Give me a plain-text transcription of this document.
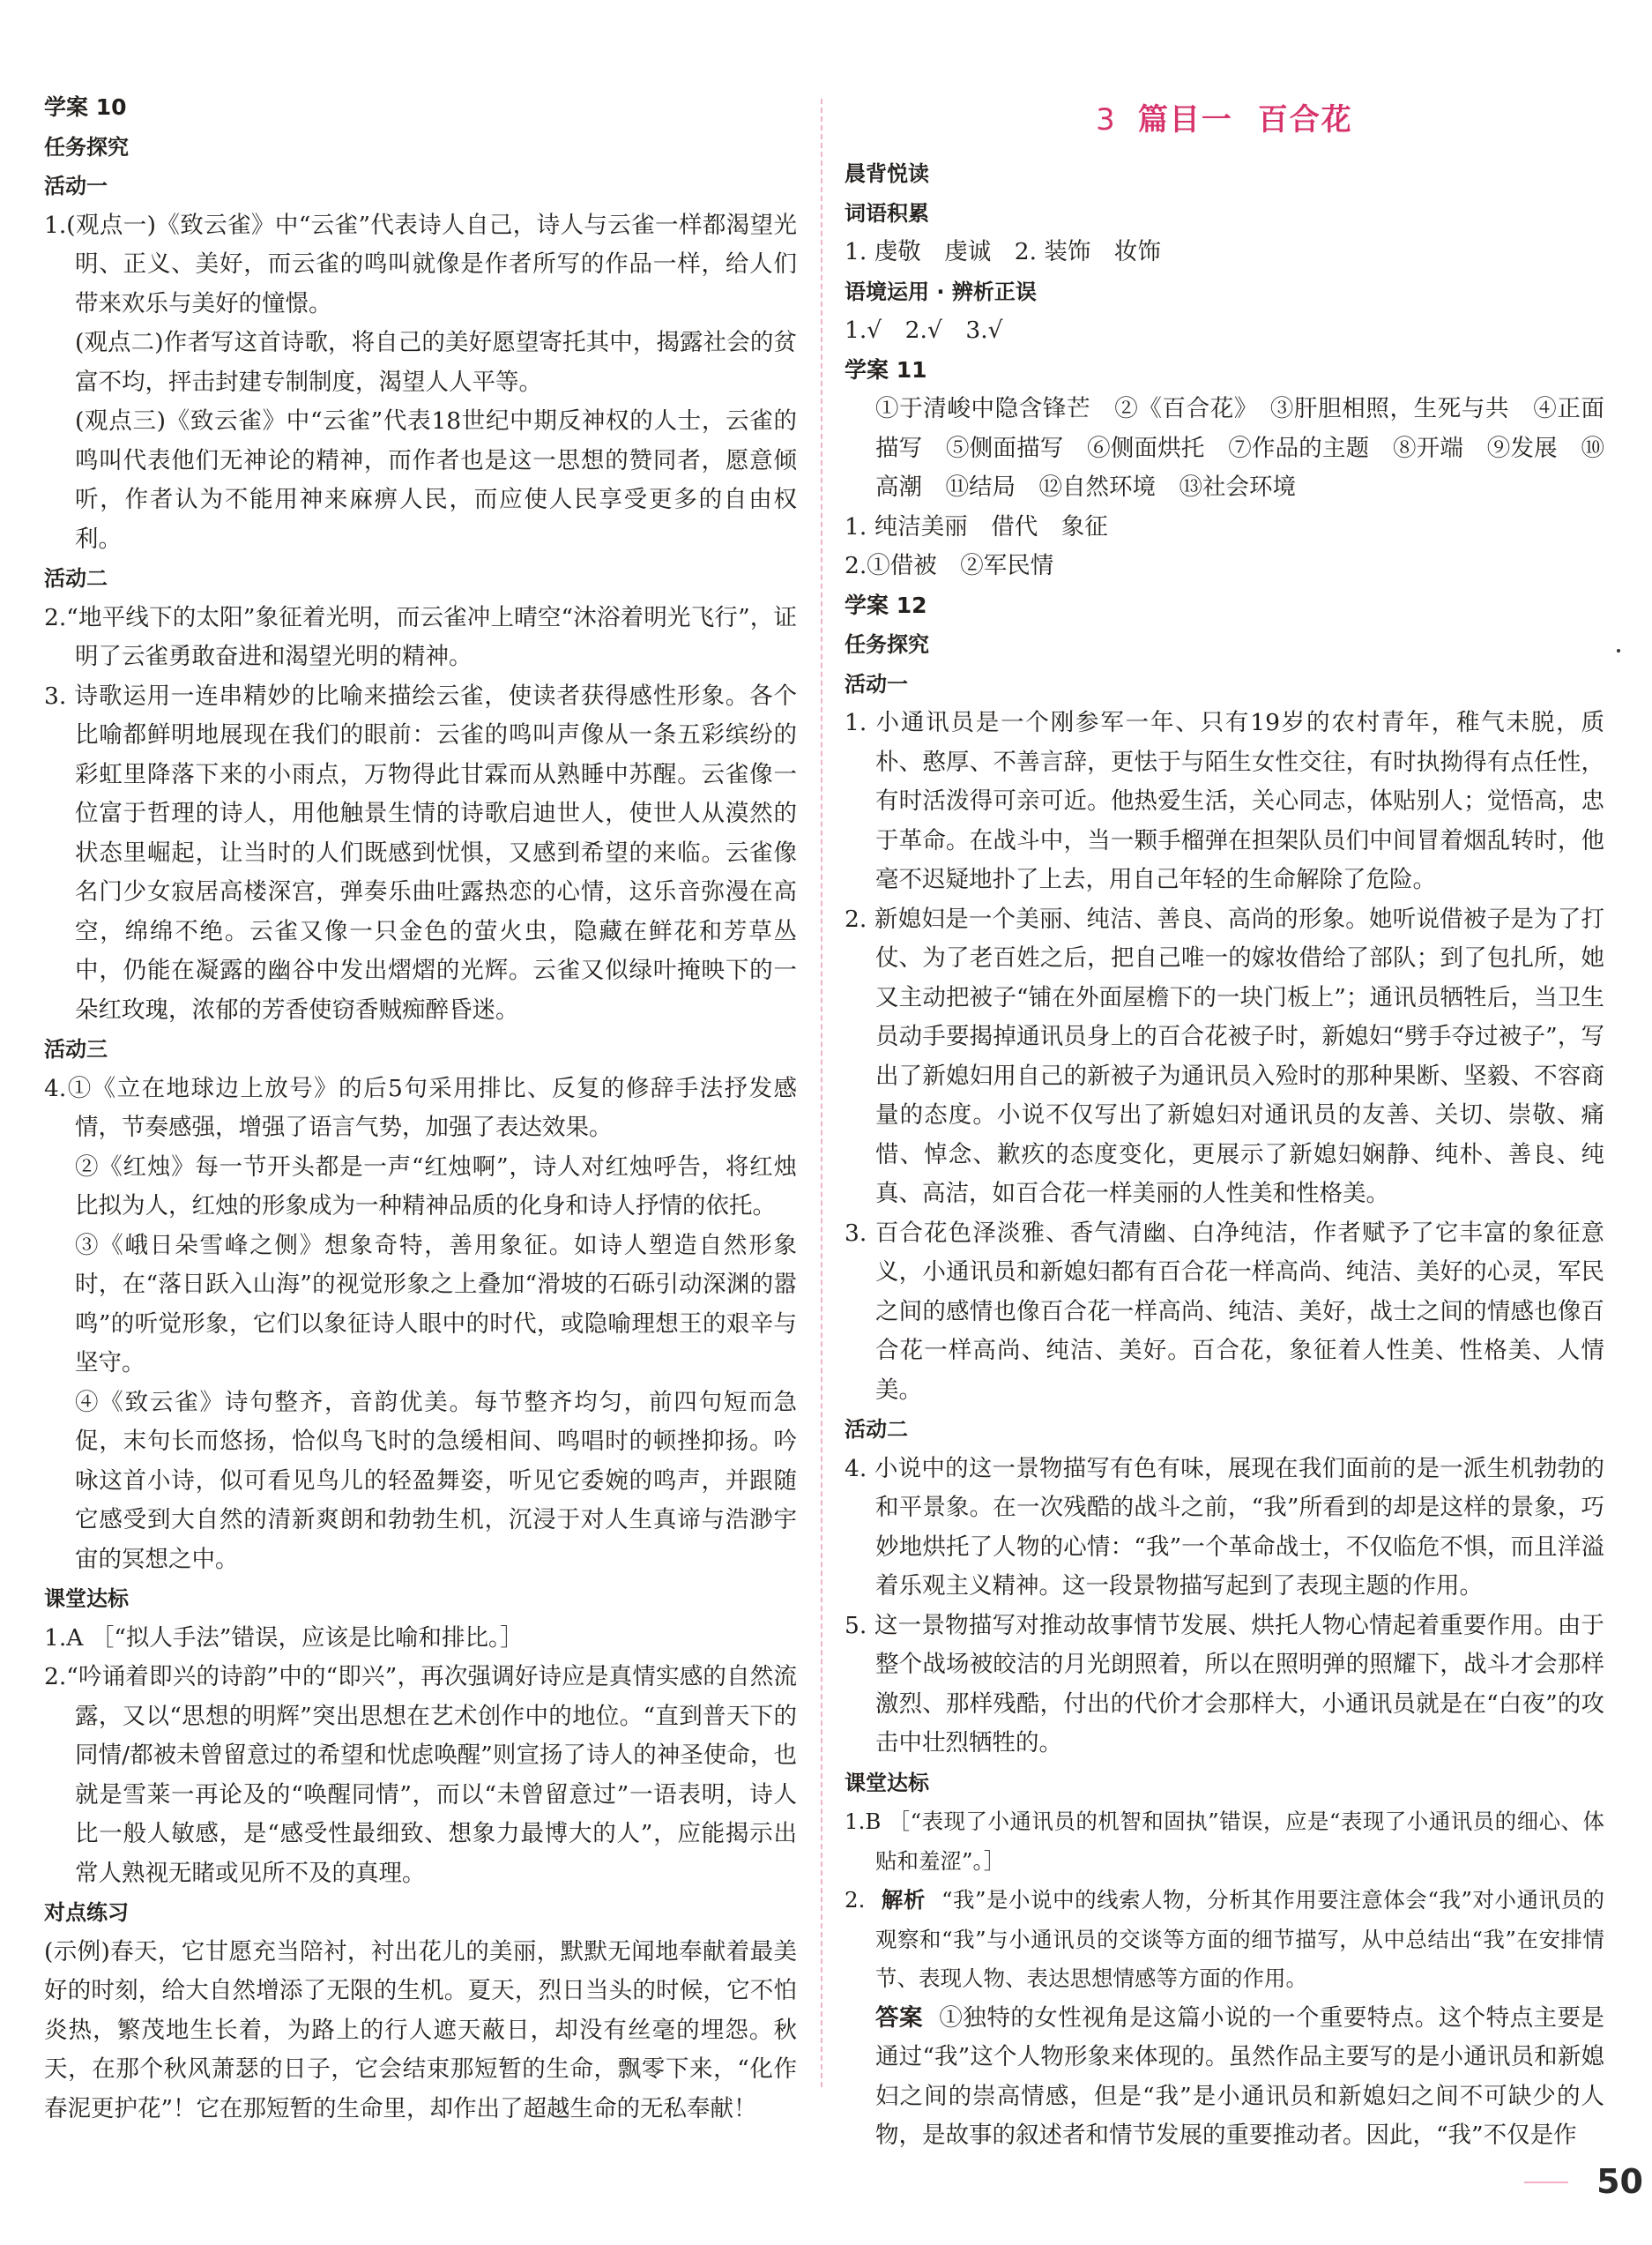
学案 10

任务探究

活动一

1.(观点一)《致云雀》中“云雀”代表诗人自己，诗人与云雀一样都渴望光明、正义、美好，而云雀的鸣叫就像是作者所写的作品一样，给人们带来欢乐与美好的憧憬。

(观点二)作者写这首诗歌，将自己的美好愿望寄托其中，揭露社会的贫富不均，抨击封建专制制度，渴望人人平等。

(观点三)《致云雀》中“云雀”代表18世纪中期反神权的人士，云雀的鸣叫代表他们无神论的精神，而作者也是这一思想的赞同者，愿意倾听，作者认为不能用神来麻痹人民，而应使人民享受更多的自由权利。

活动二

2.“地平线下的太阳”象征着光明，而云雀冲上晴空“沐浴着明光飞行”，证明了云雀勇敢奋进和渴望光明的精神。

3. 诗歌运用一连串精妙的比喻来描绘云雀，使读者获得感性形象。各个比喻都鲜明地展现在我们的眼前：云雀的鸣叫声像从一条五彩缤纷的彩虹里降落下来的小雨点，万物得此甘霖而从熟睡中苏醒。云雀像一位富于哲理的诗人，用他触景生情的诗歌启迪世人，使世人从漠然的状态里崛起，让当时的人们既感到忧惧，又感到希望的来临。云雀像名门少女寂居高楼深宫，弹奏乐曲吐露热恋的心情，这乐音弥漫在高空，绵绵不绝。云雀又像一只金色的萤火虫，隐藏在鲜花和芳草丛中，仍能在凝露的幽谷中发出熠熠的光辉。云雀又似绿叶掩映下的一朵红玫瑰，浓郁的芳香使窃香贼痴醉昏迷。

活动三

4.①《立在地球边上放号》的后5句采用排比、反复的修辞手法抒发感情，节奏感强，增强了语言气势，加强了表达效果。

②《红烛》每一节开头都是一声“红烛啊”，诗人对红烛呼告，将红烛比拟为人，红烛的形象成为一种精神品质的化身和诗人抒情的依托。

③《峨日朵雪峰之侧》想象奇特，善用象征。如诗人塑造自然形象时，在“落日跃入山海”的视觉形象之上叠加“滑坡的石砾引动深渊的嚣鸣”的听觉形象，它们以象征诗人眼中的时代，或隐喻理想王的艰辛与坚守。

④《致云雀》诗句整齐，音韵优美。每节整齐均匀，前四句短而急促，末句长而悠扬，恰似鸟飞时的急缓相间、鸣唱时的顿挫抑扬。吟咏这首小诗，似可看见鸟儿的轻盈舞姿，听见它委婉的鸣声，并跟随它感受到大自然的清新爽朗和勃勃生机，沉浸于对人生真谛与浩渺宇宙的冥想之中。

课堂达标

1.A ［“拟人手法”错误，应该是比喻和排比。］

2.“吟诵着即兴的诗韵”中的“即兴”，再次强调好诗应是真情实感的自然流露，又以“思想的明辉”突出思想在艺术创作中的地位。“直到普天下的同情/都被未曾留意过的希望和忧虑唤醒”则宣扬了诗人的神圣使命，也就是雪莱一再论及的“唤醒同情”，而以“未曾留意过”一语表明，诗人比一般人敏感，是“感受性最细致、想象力最博大的人”，应能揭示出常人熟视无睹或见所不及的真理。

对点练习

(示例)春天，它甘愿充当陪衬，衬出花儿的美丽，默默无闻地奉献着最美好的时刻，给大自然增添了无限的生机。夏天，烈日当头的时候，它不怕炎热，繁茂地生长着，为路上的行人遮天蔽日，却没有丝毫的埋怨。秋天，在那个秋风萧瑟的日子，它会结束那短暂的生命，飘零下来，“化作春泥更护花”！它在那短暂的生命里，却作出了超越生命的无私奉献！

3 篇目一 百合花

晨背悦读

词语积累

1. 虔敬　虔诚　2. 装饰　妆饰

语境运用 · 辨析正误

1.√　2.√　3.√

学案 11

①于清峻中隐含锋芒　②《百合花》　③肝胆相照，生死与共　④正面描写　⑤侧面描写　⑥侧面烘托　⑦作品的主题　⑧开端　⑨发展　⑩高潮　⑪结局　⑫自然环境　⑬社会环境

1. 纯洁美丽　借代　象征

2.①借被　②军民情

学案 12

任务探究

活动一

1. 小通讯员是一个刚参军一年、只有19岁的农村青年，稚气未脱，质朴、憨厚、不善言辞，更怯于与陌生女性交往，有时执拗得有点任性，有时活泼得可亲可近。他热爱生活，关心同志，体贴别人；觉悟高，忠于革命。在战斗中，当一颗手榴弹在担架队员们中间冒着烟乱转时，他毫不迟疑地扑了上去，用自己年轻的生命解除了危险。

2. 新媳妇是一个美丽、纯洁、善良、高尚的形象。她听说借被子是为了打仗、为了老百姓之后，把自己唯一的嫁妆借给了部队；到了包扎所，她又主动把被子“铺在外面屋檐下的一块门板上”；通讯员牺牲后，当卫生员动手要揭掉通讯员身上的百合花被子时，新媳妇“劈手夺过被子”，写出了新媳妇用自己的新被子为通讯员入殓时的那种果断、坚毅、不容商量的态度。小说不仅写出了新媳妇对通讯员的友善、关切、崇敬、痛惜、悼念、歉疚的态度变化，更展示了新媳妇娴静、纯朴、善良、纯真、高洁，如百合花一样美丽的人性美和性格美。

3. 百合花色泽淡雅、香气清幽、白净纯洁，作者赋予了它丰富的象征意义，小通讯员和新媳妇都有百合花一样高尚、纯洁、美好的心灵，军民之间的感情也像百合花一样高尚、纯洁、美好，战士之间的情感也像百合花一样高尚、纯洁、美好。百合花，象征着人性美、性格美、人情美。

活动二

4. 小说中的这一景物描写有色有味，展现在我们面前的是一派生机勃勃的和平景象。在一次残酷的战斗之前，“我”所看到的却是这样的景象，巧妙地烘托了人物的心情：“我”一个革命战士，不仅临危不惧，而且洋溢着乐观主义精神。这一段景物描写起到了表现主题的作用。

5. 这一景物描写对推动故事情节发展、烘托人物心情起着重要作用。由于整个战场被皎洁的月光朗照着，所以在照明弹的照耀下，战斗才会那样激烈、那样残酷，付出的代价才会那样大，小通讯员就是在“白夜”的攻击中壮烈牺牲的。

课堂达标

1.B ［“表现了小通讯员的机智和固执”错误，应是“表现了小通讯员的细心、体贴和羞涩”。］

2. 解析 “我”是小说中的线索人物，分析其作用要注意体会“我”对小通讯员的观察和“我”与小通讯员的交谈等方面的细节描写，从中总结出“我”在安排情节、表现人物、表达思想情感等方面的作用。

答案 ①独特的女性视角是这篇小说的一个重要特点。这个特点主要是通过“我”这个人物形象来体现的。虽然作品主要写的是小通讯员和新媳妇之间的崇高情感，但是“我”是小通讯员和新媳妇之间不可缺少的人物，是故事的叙述者和情节发展的重要推动者。因此，“我”不仅是作

50
